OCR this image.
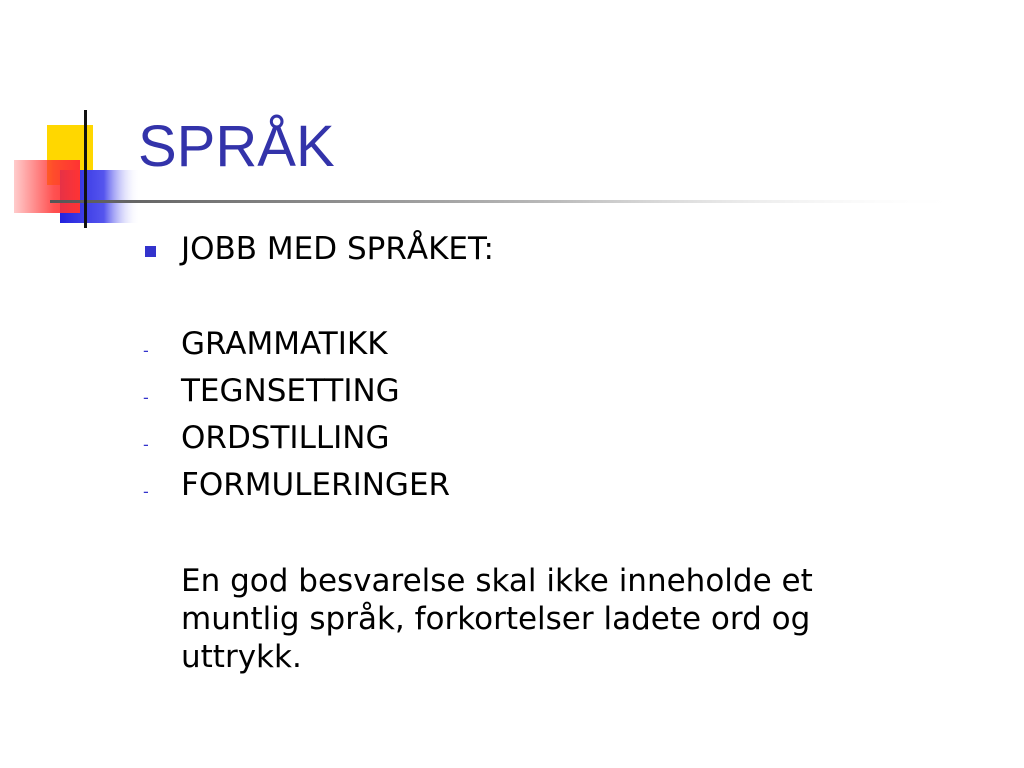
SPRÅK
JOBB MED SPRÅKET:
- GRAMMATIKK
- TEGNSETTING
- ORDSTILLING
- FORMULERINGER

En god besvarelse skal ikke inneholde et muntlig språk, forkortelser ladete ord og uttrykk.
